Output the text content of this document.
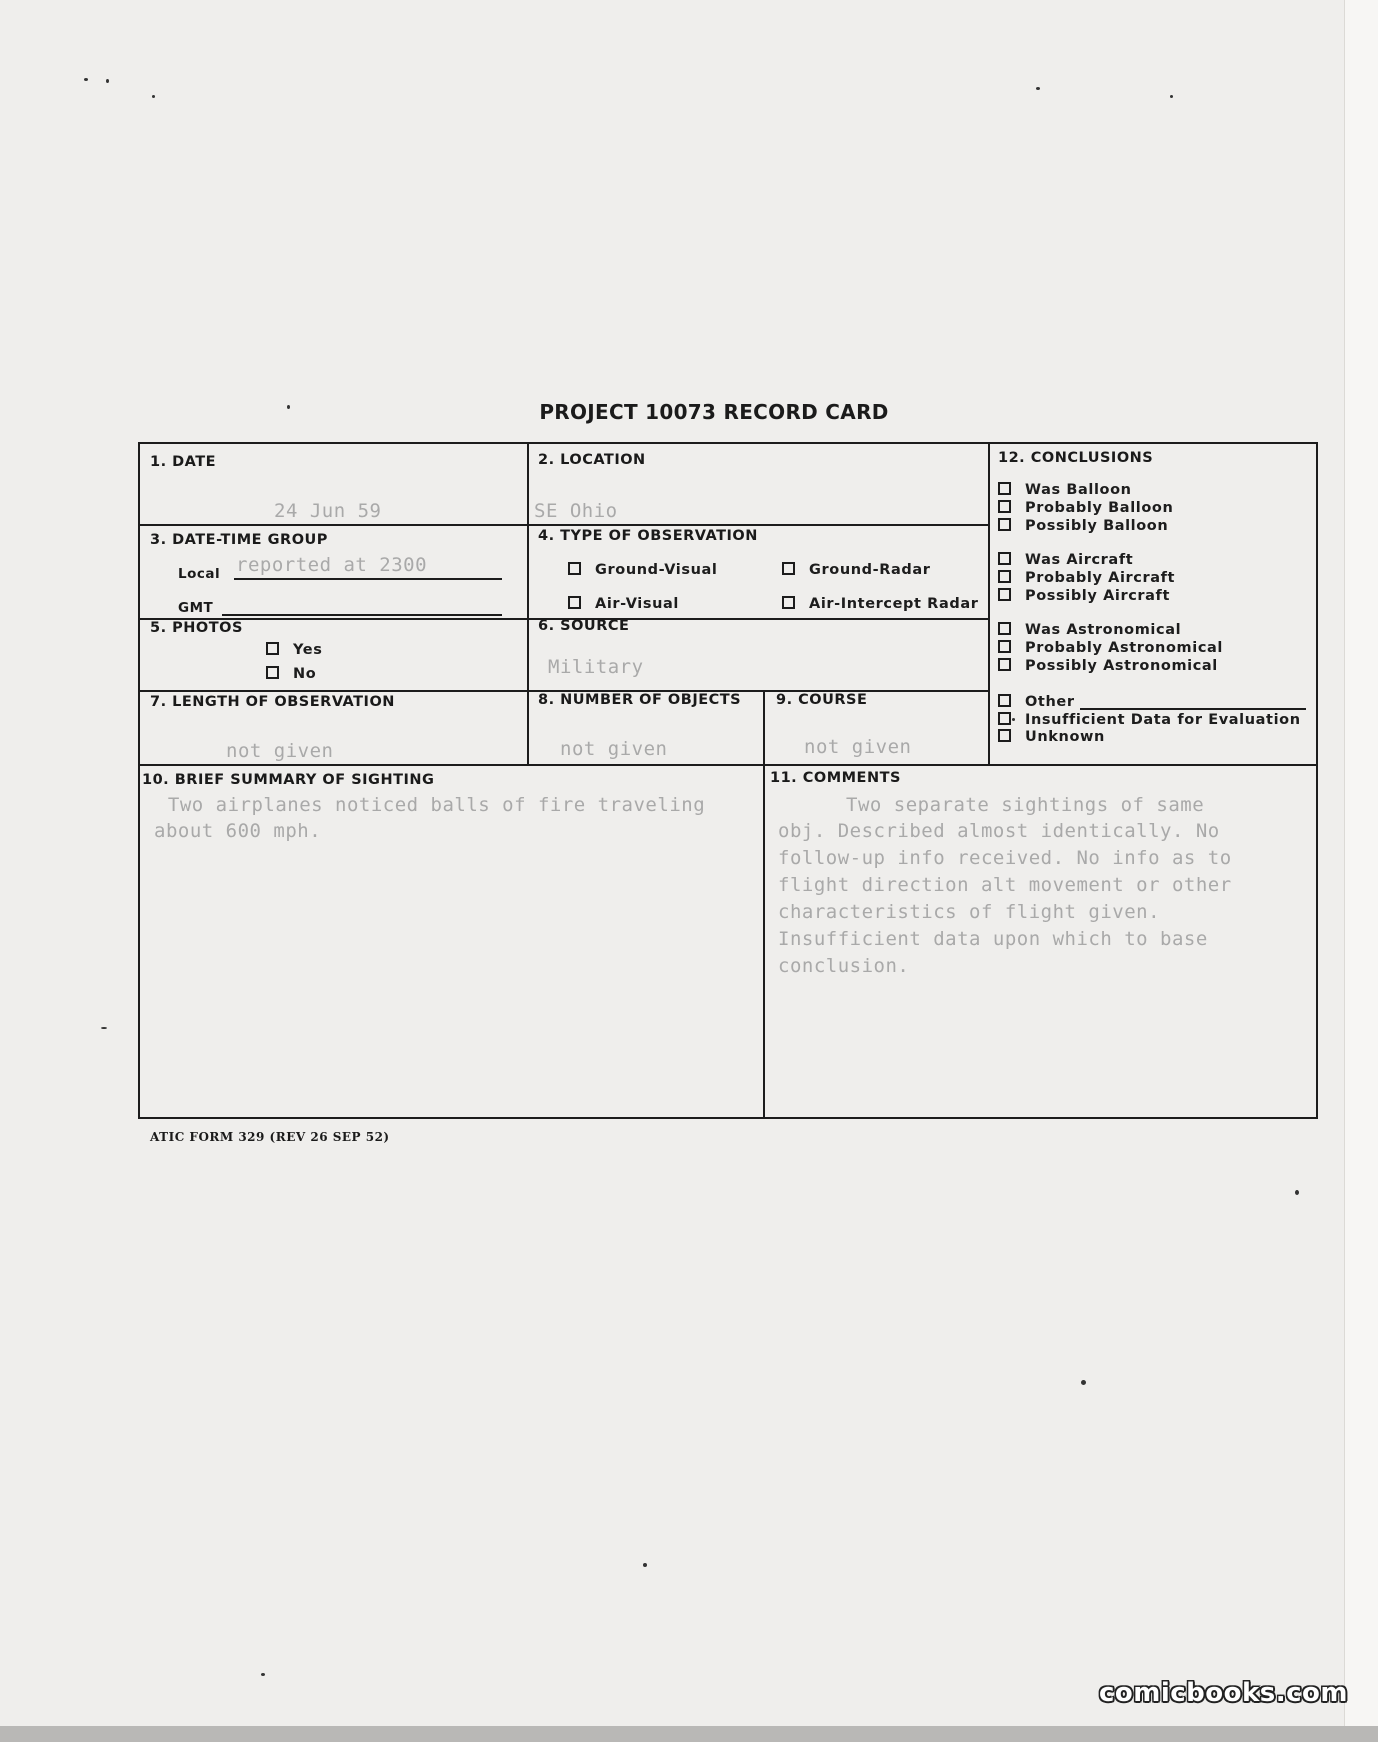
PROJECT 10073 RECORD CARD
1. DATE
24 Jun 59
2. LOCATION
SE Ohio
3. DATE-TIME GROUP
Local reported at 2300
GMT
4. TYPE OF OBSERVATION
Ground-Visual	Ground-Radar
Air-Visual	Air-Intercept Radar
5. PHOTOS
Yes
No
6. SOURCE
Military
7. LENGTH OF OBSERVATION
not given
8. NUMBER OF OBJECTS
not given
9. COURSE
not given
10. BRIEF SUMMARY OF SIGHTING
Two airplanes noticed balls of fire traveling
about 600 mph.
11. COMMENTS
Two separate sightings of same
obj. Described almost identically. No
follow-up info received. No info as to
flight direction alt movement or other
characteristics of flight given.
Insufficient data upon which to base
conclusion.
12. CONCLUSIONS
Was Balloon
Probably Balloon
Possibly Balloon
Was Aircraft
Probably Aircraft
Possibly Aircraft
Was Astronomical
Probably Astronomical
Possibly Astronomical
Other
Insufficient Data for Evaluation
Unknown
ATIC FORM 329 (REV 26 SEP 52)
comicbooks.com
